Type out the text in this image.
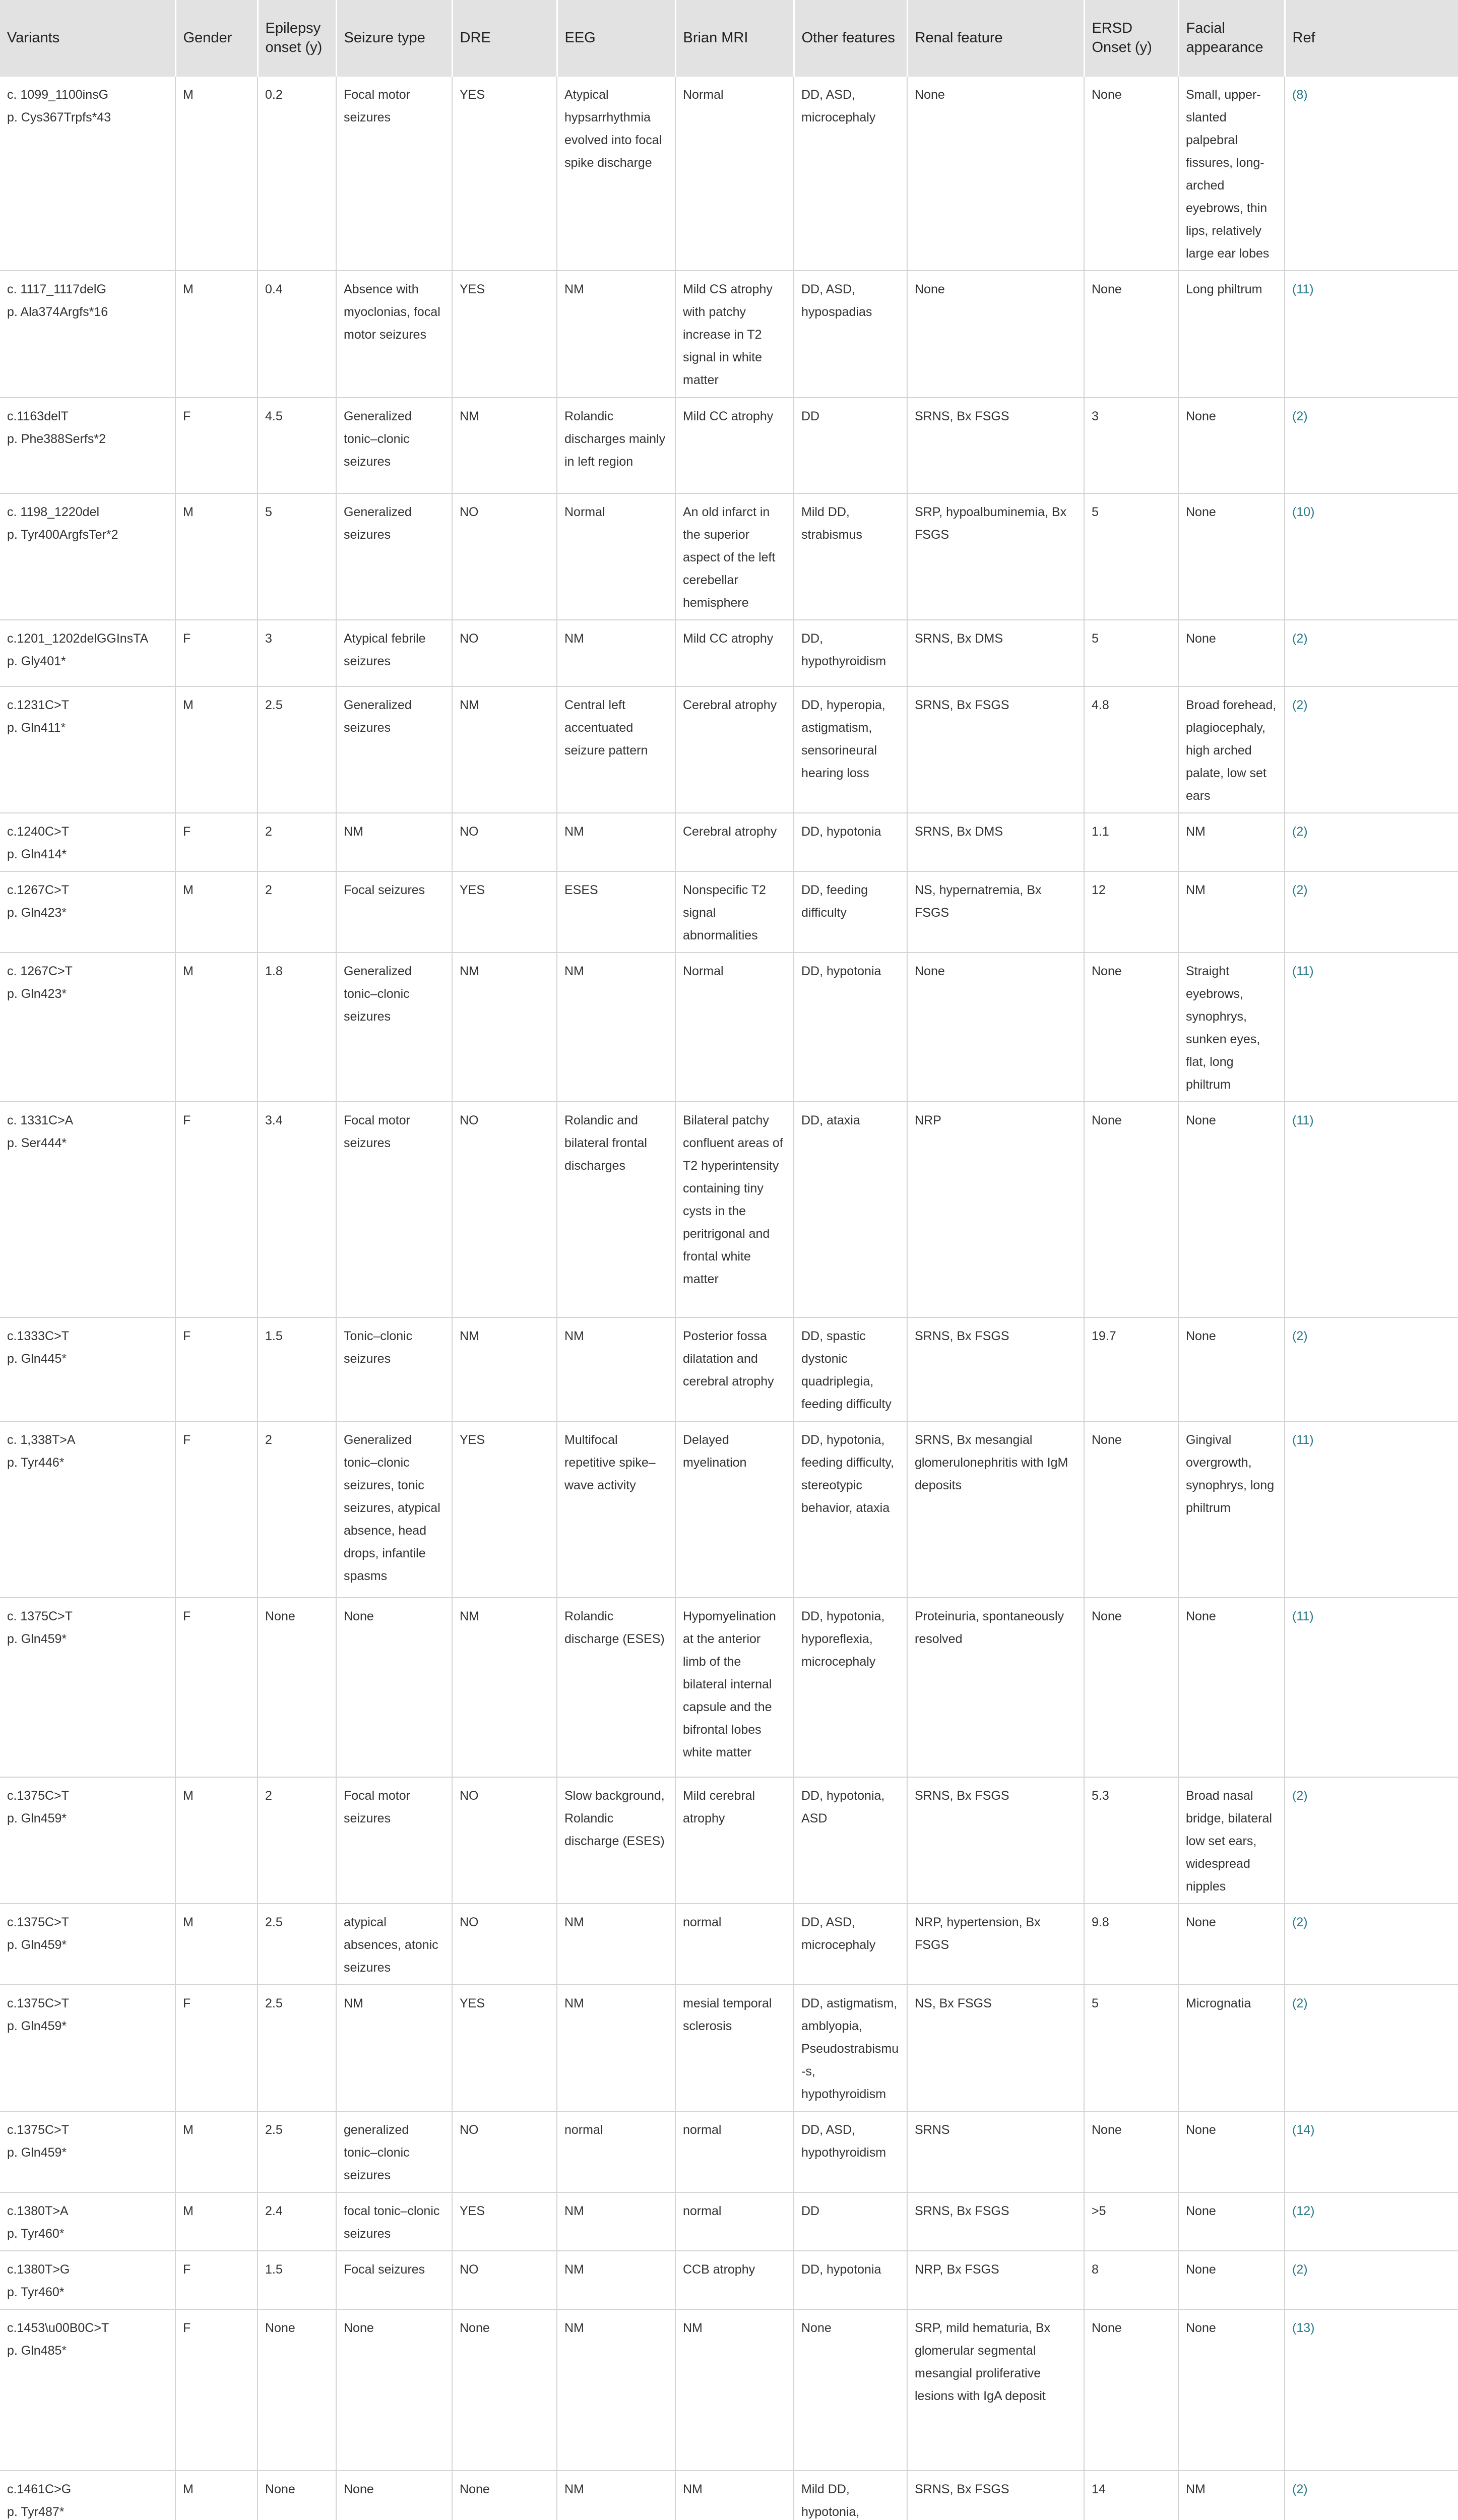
Variants	Gender	Epilepsy onset (y)	Seizure type	DRE	EEG	Brian MRI	Other features	Renal feature	ERSD Onset (y)	Facial appearance	Ref
c. 1099_1100insG
p. Cys367Trpfs*43	M	0.2	Focal motor seizures	YES	Atypical hypsarrhythmia evolved into focal spike discharge	Normal	DD, ASD, microcephaly	None	None	Small, upper-slanted palpebral fissures, long-arched eyebrows, thin lips, relatively large ear lobes	(8)
c. 1117_1117delG
p. Ala374Argfs*16	M	0.4	Absence with myoclonias, focal motor seizures	YES	NM	Mild CS atrophy with patchy increase in T2 signal in white matter	DD, ASD, hypospadias	None	None	Long philtrum	(11)
c.1163delT
p. Phe388Serfs*2	F	4.5	Generalized tonic–clonic seizures	NM	Rolandic discharges mainly in left region	Mild CC atrophy	DD	SRNS, Bx FSGS	3	None	(2)
c. 1198_1220del
p. Tyr400ArgfsTer*2	M	5	Generalized seizures	NO	Normal	An old infarct in the superior aspect of the left cerebellar hemisphere	Mild DD, strabismus	SRP, hypoalbuminemia, Bx FSGS	5	None	(10)
c.1201_1202delGGInsTA
p. Gly401*	F	3	Atypical febrile seizures	NO	NM	Mild CC atrophy	DD, hypothyroidism	SRNS, Bx DMS	5	None	(2)
c.1231C>T
p. Gln411*	M	2.5	Generalized seizures	NM	Central left accentuated seizure pattern	Cerebral atrophy	DD, hyperopia, astigmatism, sensorineural hearing loss	SRNS, Bx FSGS	4.8	Broad forehead, plagiocephaly, high arched palate, low set ears	(2)
c.1240C>T
p. Gln414*	F	2	NM	NO	NM	Cerebral atrophy	DD, hypotonia	SRNS, Bx DMS	1.1	NM	(2)
c.1267C>T
p. Gln423*	M	2	Focal seizures	YES	ESES	Nonspecific T2 signal abnormalities	DD, feeding difficulty	NS, hypernatremia, Bx FSGS	12	NM	(2)
c. 1267C>T
p. Gln423*	M	1.8	Generalized tonic–clonic seizures	NM	NM	Normal	DD, hypotonia	None	None	Straight eyebrows, synophrys, sunken eyes, flat, long philtrum	(11)
c. 1331C>A
p. Ser444*	F	3.4	Focal motor seizures	NO	Rolandic and bilateral frontal discharges	Bilateral patchy confluent areas of T2 hyperintensity containing tiny cysts in the peritrigonal and frontal white matter	DD, ataxia	NRP	None	None	(11)
c.1333C>T
p. Gln445*	F	1.5	Tonic–clonic seizures	NM	NM	Posterior fossa dilatation and cerebral atrophy	DD, spastic dystonic quadriplegia, feeding difficulty	SRNS, Bx FSGS	19.7	None	(2)
c. 1,338T>A
p. Tyr446*	F	2	Generalized tonic–clonic seizures, tonic seizures, atypical absence, head drops, infantile spasms	YES	Multifocal repetitive spike–wave activity	Delayed myelination	DD, hypotonia, feeding difficulty, stereotypic behavior, ataxia	SRNS, Bx mesangial glomerulonephritis with IgM deposits	None	Gingival overgrowth, synophrys, long philtrum	(11)
c. 1375C>T
p. Gln459*	F	None	None	NM	Rolandic discharge (ESES)	Hypomyelination at the anterior limb of the bilateral internal capsule and the bifrontal lobes white matter	DD, hypotonia, hyporeflexia, microcephaly	Proteinuria, spontaneously resolved	None	None	(11)
c.1375C>T
p. Gln459*	M	2	Focal motor seizures	NO	Slow background, Rolandic discharge (ESES)	Mild cerebral atrophy	DD, hypotonia, ASD	SRNS, Bx FSGS	5.3	Broad nasal bridge, bilateral low set ears, widespread nipples	(2)
c.1375C>T
p. Gln459*	M	2.5	atypical absences, atonic seizures	NO	NM	normal	DD, ASD, microcephaly	NRP, hypertension, Bx FSGS	9.8	None	(2)
c.1375C>T
p. Gln459*	F	2.5	NM	YES	NM	mesial temporal sclerosis	DD, astigmatism, amblyopia, Pseudostrabismu-s, hypothyroidism	NS, Bx FSGS	5	Micrognatia	(2)
c.1375C>T
p. Gln459*	M	2.5	generalized tonic–clonic seizures	NO	normal	normal	DD, ASD, hypothyroidism	SRNS	None	None	(14)
c.1380T>A
p. Tyr460*	M	2.4	focal tonic–clonic seizures	YES	NM	normal	DD	SRNS, Bx FSGS	>5	None	(12)
c.1380T>G
p. Tyr460*	F	1.5	Focal seizures	NO	NM	CCB atrophy	DD, hypotonia	NRP, Bx FSGS	8	None	(2)
c.1453\u00B0C>T
p. Gln485*	F	None	None	None	NM	NM	None	SRP, mild hematuria, Bx glomerular segmental mesangial proliferative lesions with IgA deposit	None	None	(13)
c.1461C>G
p. Tyr487*	M	None	None	None	NM	NM	Mild DD, hypotonia,	SRNS, Bx FSGS	14	NM	(2)
